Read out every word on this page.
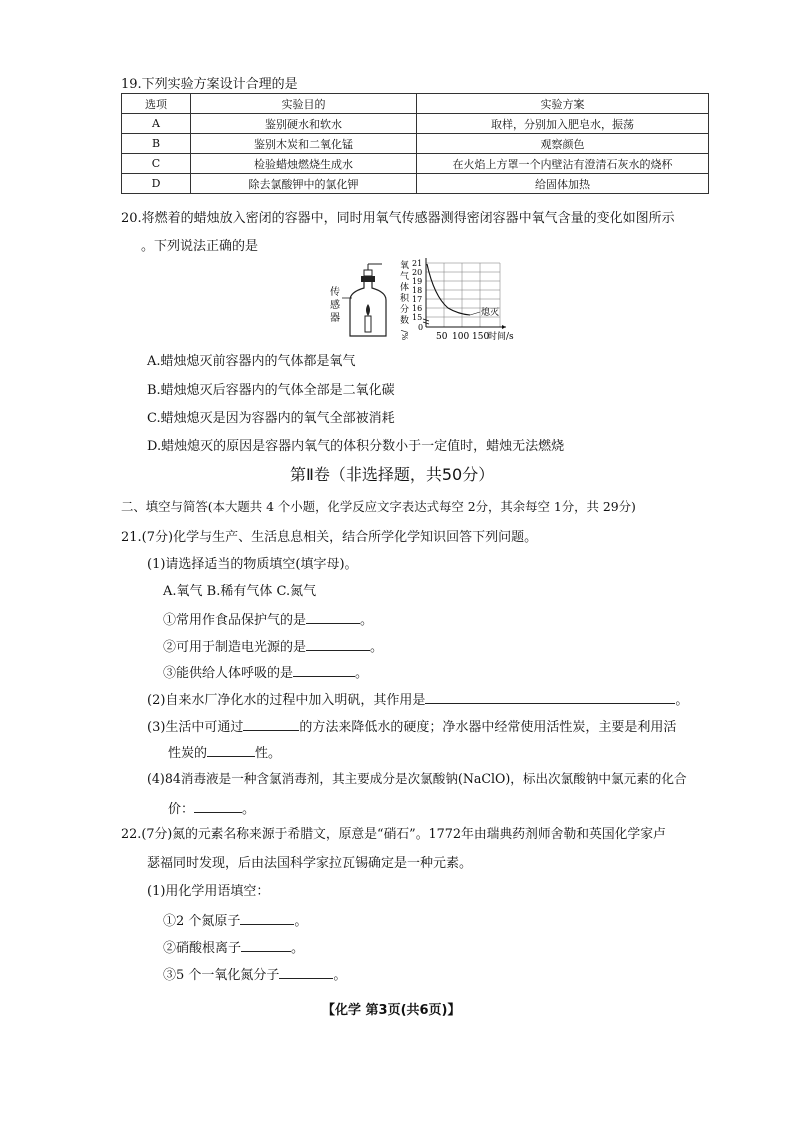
19.下列实验方案设计合理的是
选项	实验目的	实验方案
A	鉴别硬水和软水	取样，分别加入肥皂水，振荡
B	鉴别木炭和二氧化锰	观察颜色
C	检验蜡烛燃烧生成水	在火焰上方罩一个内壁沾有澄清石灰水的烧杯
D	除去氯酸钾中的氯化钾	给固体加热
20.将燃着的蜡烛放入密闭的容器中，同时用氧气传感器测得密闭容器中氧气含量的变化如图所示
。下列说法正确的是
传
感
器
氧
气
体
积
分
数
/%
21
20
19
18
17
16
15
0
熄灭
50 100 150
时间/s
A.蜡烛熄灭前容器内的气体都是氧气
B.蜡烛熄灭后容器内的气体全部是二氧化碳
C.蜡烛熄灭是因为容器内的氧气全部被消耗
D.蜡烛熄灭的原因是容器内氧气的体积分数小于一定值时，蜡烛无法燃烧
第Ⅱ卷（非选择题，共50分）
二、填空与简答(本大题共 4 个小题，化学反应文字表达式每空 2分，其余每空 1分，共 29分)
21.(7分)化学与生产、生活息息相关，结合所学化学知识回答下列问题。
(1)请选择适当的物质填空(填字母)。
A.氧气 B.稀有气体 C.氮气
①常用作食品保护气的是	。
②可用于制造电光源的是	。
③能供给人体呼吸的是	。
(2)自来水厂净化水的过程中加入明矾，其作用是	。
(3)生活中可通过	的方法来降低水的硬度；净水器中经常使用活性炭，主要是利用活
性炭的	性。
(4)84消毒液是一种含氯消毒剂，其主要成分是次氯酸钠(NaClO)，标出次氯酸钠中氯元素的化合
价：	。
22.(7分)氮的元素名称来源于希腊文，原意是“硝石”。1772年由瑞典药剂师舍勒和英国化学家卢
瑟福同时发现，后由法国科学家拉瓦锡确定是一种元素。
(1)用化学用语填空：
①2 个氮原子	。
②硝酸根离子	。
③5 个一氧化氮分子	。
【化学 第3页(共6页)】
